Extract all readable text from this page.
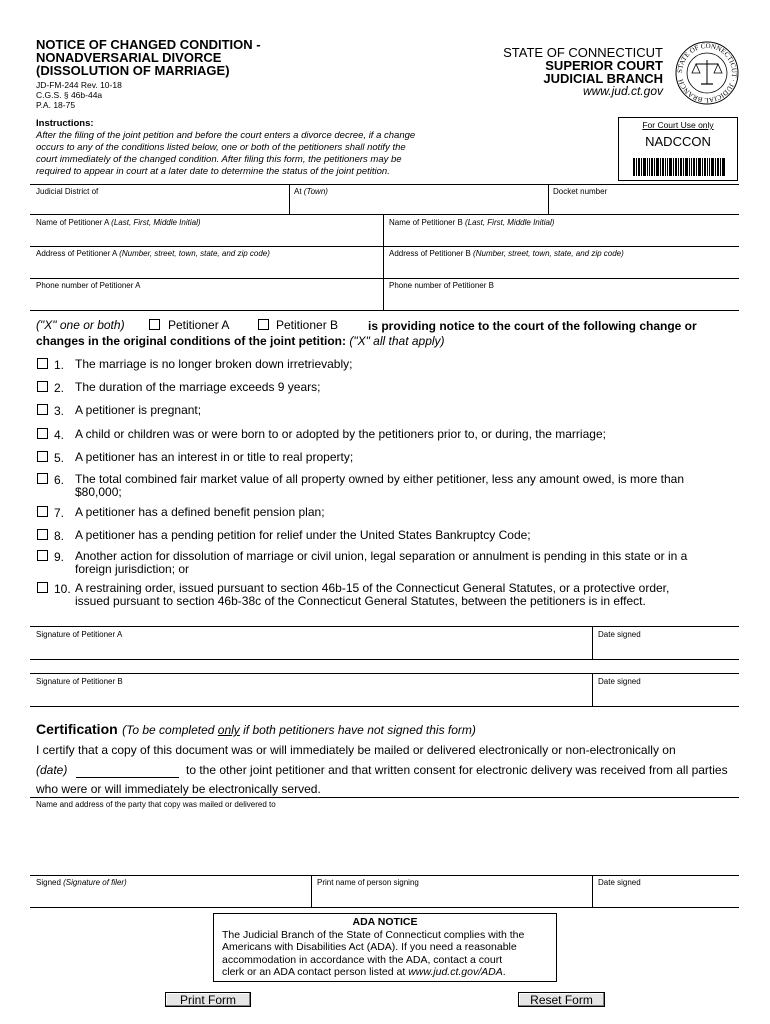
NOTICE OF CHANGED CONDITION -
NONADVERSARIAL DIVORCE
(DISSOLUTION OF MARRIAGE)
JD-FM-244 Rev. 10-18
C.G.S. § 46b-44a
P.A. 18-75
STATE OF CONNECTICUT
SUPERIOR COURT
JUDICIAL BRANCH
www.jud.ct.gov
STATE OF CONNECTICUT · JUDICIAL BRANCH
Instructions:
After the filing of the joint petition and before the court enters a divorce decree, if a change
occurs to any of the conditions listed below, one or both of the petitioners shall notify the
court immediately of the changed condition. After filing this form, the petitioners may be
required to appear in court at a later date to determine the status of the joint petition.
For Court Use only
NADCCON
Judicial District of	At (Town)	Docket number
Name of Petitioner A (Last, First, Middle Initial)	Name of Petitioner B (Last, First, Middle Initial)
Address of Petitioner A (Number, street, town, state, and zip code)	Address of Petitioner B (Number, street, town, state, and zip code)
Phone number of Petitioner A	Phone number of Petitioner B
("X" one or both)	Petitioner A	Petitioner B is providing notice to the court of the following change or
changes in the original conditions of the joint petition: ("X" all that apply)
1. The marriage is no longer broken down irretrievably;
2. The duration of the marriage exceeds 9 years;
3. A petitioner is pregnant;
4. A child or children was or were born to or adopted by the petitioners prior to, or during, the marriage;
5. A petitioner has an interest in or title to real property;
6. The total combined fair market value of all property owned by either petitioner, less any amount owed, is more than
$80,000;
7. A petitioner has a defined benefit pension plan;
8. A petitioner has a pending petition for relief under the United States Bankruptcy Code;
9. Another action for dissolution of marriage or civil union, legal separation or annulment is pending in this state or in a
foreign jurisdiction; or
10. A restraining order, issued pursuant to section 46b-15 of the Connecticut General Statutes, or a protective order,
issued pursuant to section 46b-38c of the Connecticut General Statutes, between the petitioners is in effect.
Signature of Petitioner A	Date signed
Signature of Petitioner B	Date signed
Certification (To be completed only if both petitioners have not signed this form)
I certify that a copy of this document was or will immediately be mailed or delivered electronically or non-electronically on
(date)	to the other joint petitioner and that written consent for electronic delivery was received from all parties
who were or will immediately be electronically served.
Name and address of the party that copy was mailed or delivered to
Signed (Signature of filer)	Print name of person signing	Date signed
ADA NOTICE
The Judicial Branch of the State of Connecticut complies with the
Americans with Disabilities Act (ADA). If you need a reasonable
accommodation in accordance with the ADA, contact a court
clerk or an ADA contact person listed at www.jud.ct.gov/ADA.
Print Form	Reset Form
